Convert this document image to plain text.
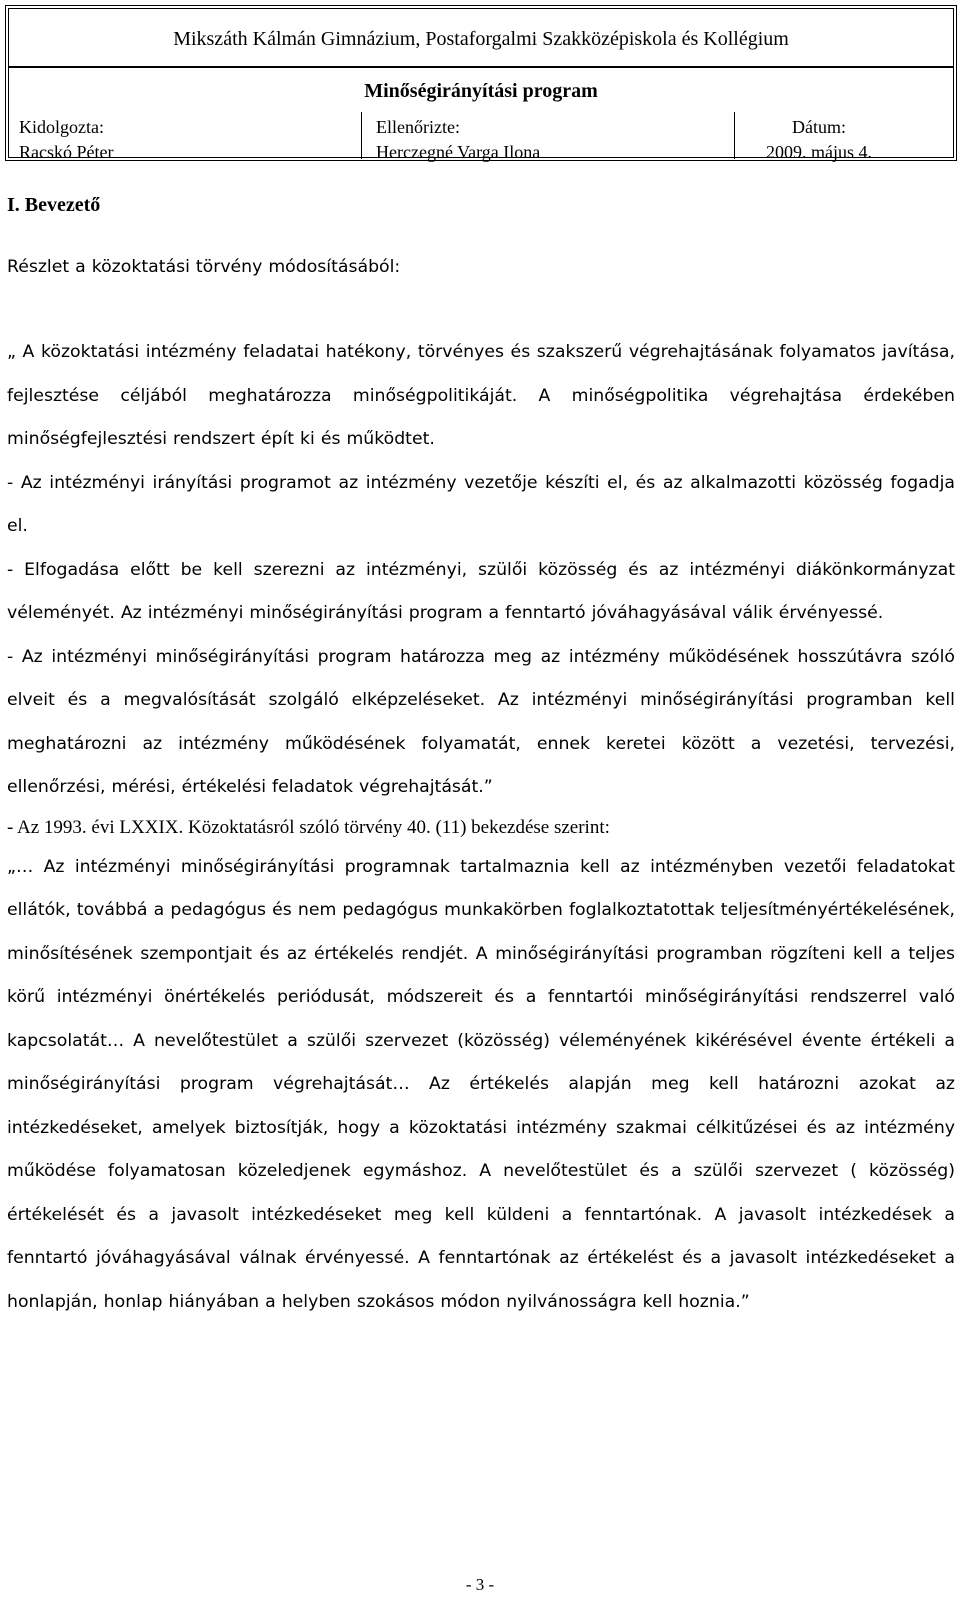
Mikszáth Kálmán Gimnázium, Postaforgalmi Szakközépiskola és Kollégium
Minőségirányítási program
Kidolgozta:
Racskó Péter
Ellenőrizte:
Herczegné Varga Ilona
Dátum:
2009. május 4.
I. Bevezető

Részlet a közoktatási törvény módosításából:

„ A közoktatási intézmény feladatai hatékony, törvényes és szakszerű végrehajtásának folyamatos javítása, fejlesztése céljából meghatározza minőségpolitikáját. A minőségpolitika végrehajtása érdekében minőségfejlesztési rendszert épít ki és működtet.

- Az intézményi irányítási programot az intézmény vezetője készíti el, és az alkalmazotti közösség fogadja el.

- Elfogadása előtt be kell szerezni az intézményi, szülői közösség és az intézményi diákönkormányzat véleményét. Az intézményi minőségirányítási program a fenntartó jóváhagyásával válik érvényessé.

- Az intézményi minőségirányítási program határozza meg az intézmény működésének hosszútávra szóló elveit és a megvalósítását szolgáló elképzeléseket. Az intézményi minőségirányítási programban kell meghatározni az intézmény működésének folyamatát, ennek keretei között a vezetési, tervezési, ellenőrzési, mérési, értékelési feladatok végrehajtását.”

- Az 1993. évi LXXIX. Közoktatásról szóló törvény 40. (11) bekezdése szerint:

„… Az intézményi minőségirányítási programnak tartalmaznia kell az intézményben vezetői feladatokat ellátók, továbbá a pedagógus és nem pedagógus munkakörben foglalkoztatottak teljesítményértékelésének, minősítésének szempontjait és az értékelés rendjét. A minőségirányítási programban rögzíteni kell a teljes körű intézményi önértékelés periódusát, módszereit és a fenntartói minőségirányítási rendszerrel való kapcsolatát… A nevelőtestület a szülői szervezet (közösség) véleményének kikérésével évente értékeli a minőségirányítási program végrehajtását… Az értékelés alapján meg kell határozni azokat az intézkedéseket, amelyek biztosítják, hogy a közoktatási intézmény szakmai célkitűzései és az intézmény működése folyamatosan közeledjenek egymáshoz. A nevelőtestület és a szülői szervezet ( közösség) értékelését és a javasolt intézkedéseket meg kell küldeni a fenntartónak. A javasolt intézkedések a fenntartó jóváhagyásával válnak érvényessé. A fenntartónak az értékelést és a javasolt intézkedéseket a honlapján, honlap hiányában a helyben szokásos módon nyilvánosságra kell hoznia.”

- 3 -
